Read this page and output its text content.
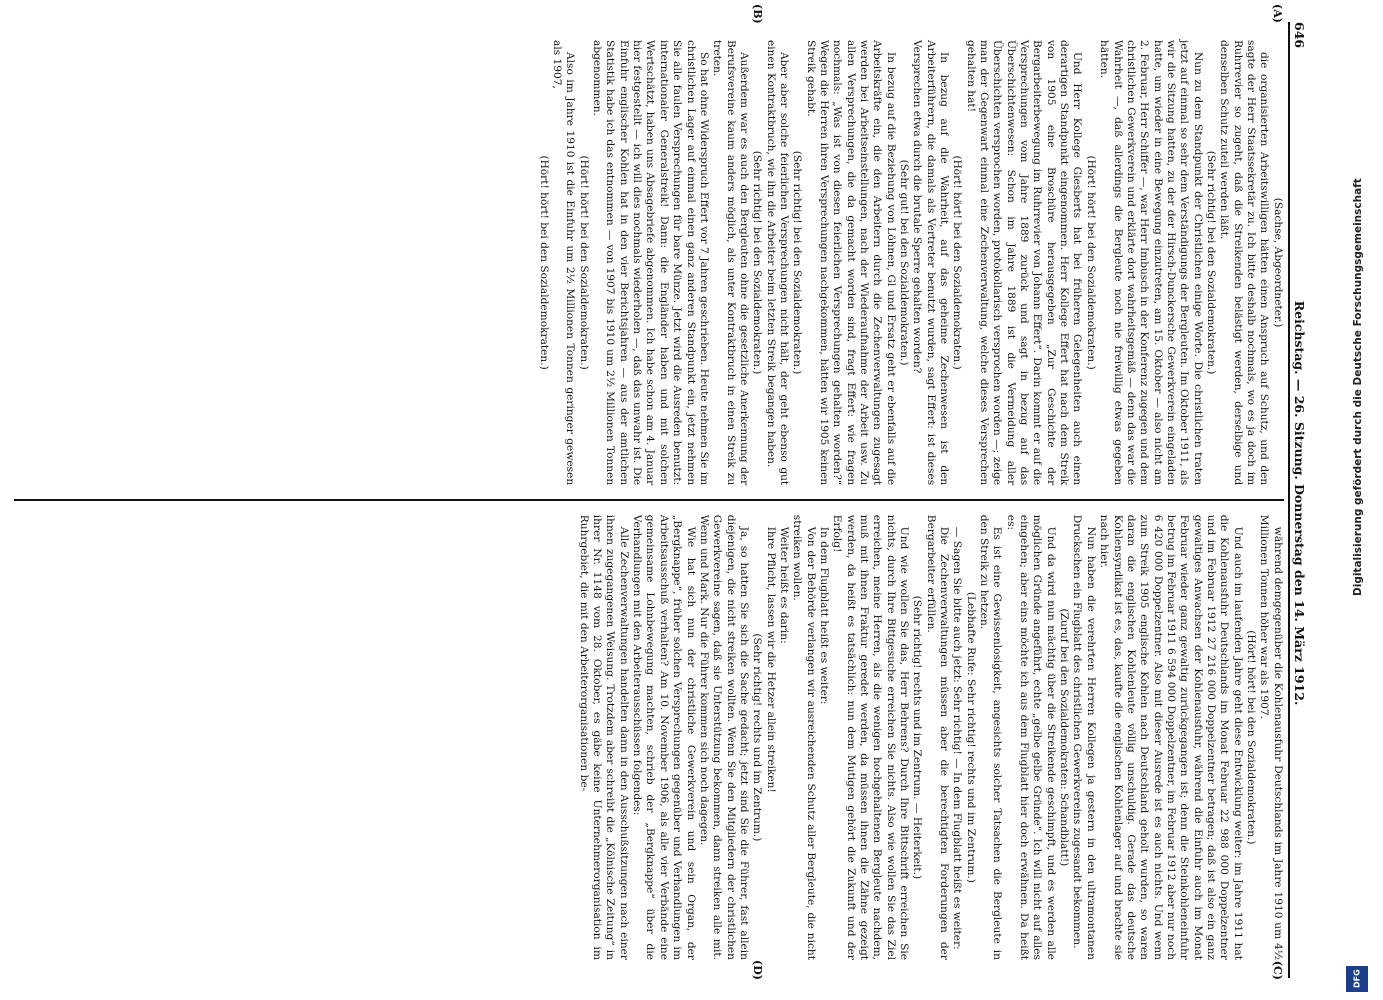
646
Reichstag. — 26. Sitzung. Donnerstag den 14. März 1912.
(A)
(B)

(Sachse, Abgeordneter.)

die organisierten Arbeitswilligen hätten einen Anspruch auf Schutz, und den sagte der Herr Staatssekretär zu. Ich bitte deshalb nochmals, wo es ja doch im Ruhrrevier so zugeht, daß die Streikenden belästigt werden, derselbige und denselben Schutz zuteil werden läßt.

(Sehr richtig! bei den Sozialdemokraten.)

Nun zu dem Standpunkt der Christlichen einige Worte. Die christlichen traten jetzt auf einmal so sehr dem Verständigungs der Bergleuten. Im Oktober 1911, als wir die Sitzung hatten, zu der der Hirsch-Dunckersche Gewerkverein eingeladen hatte, um wieder in eine Bewegung einzutreten, am 15. Oktober — also nicht am 2. Februar, Herr Schiffer —, war Herr Imbusch in der Konferenz zugegen und dem christlichen Gewerkverein und erklärte dort wahrheitsgemäß — denn das war die Wahrheit —, daß allerdings die Bergleute noch nie freiwillig etwas gegeben hätten.

(Hört! hört! bei den Sozialdemokraten.)

Und Herr Kollege Giesberts hat bei früheren Gelegenheiten auch einen derartigen Standpunkt eingenommen. Herr Kollege Effert hat nach dem Streik von 1905 eine Broschüre herausgegeben „Zur Geschichte der Bergarbeiterbewegung im Ruhrrevier von Johann Effert“. Darin kommt er auf die Versprechungen vom Jahre 1889 zurück und sagt in bezug auf das Überschichtenwesen: Schon im Jahre 1889 ist die Vermeidung aller Überschichten versprochen worden, protokollarisch versprochen worden —; zeige man der Gegenwart einmal eine Zechenverwaltung, welche dieses Versprechen gehalten hat!

(Hört! hört! bei den Sozialdemokraten.)

In bezug auf die Wahrheit, auf das geheime Zechenwesen ist den Arbeiterführern, die damals als Vertreter benutzt wurden, sagt Effert: ist dieses Versprechen etwa durch die brutale Sperre gehalten worden?

(Sehr gut! bei den Sozialdemokraten.)

In bezug auf die Beziehung von Löhnen, Gl und Ersatz geht er ebenfalls auf die Arbeitskräfte ein, die den Arbeitern durch die Zechenverwaltungen zugesagt werden bei Arbeitseinstellungen, nach der Wiederaufnahme der Arbeit usw. Zu allen Versprechungen, die da gemacht worden sind, fragt Effert: wie fragen nochmals: „Was ist von diesen feierlichen Versprechungen gehalten worden?“ Wegen die Herren ihren Versprechungen nachgekommen, hätten wir 1905 keinen Streik gehabt.

(Sehr richtig! bei den Sozialdemokraten.)

Aber aber solche feierlichen Versprechungen nicht hält, der geht ebenso gut einen Kontraktbruch, wie ihn die Arbeiter beim letzten Streik begangen haben.

(Sehr richtig! bei den Sozialdemokraten.)

Außerdem war es auch den Bergleuten ohne die gesetzliche Anerkennung der Berufsvereine kaum anders möglich, als unter Kontraktbruch in einen Streik zu treten.

So hat ohne Widerspruch Effert vor 7 Jahren geschrieben. Heute nehmen Sie im christlichen Lager auf einmal einen ganz anderen Standpunkt ein, jetzt nehmen Sie alle faulen Versprechungen für bare Münze. Jetzt wird die Ausreden benutzt: internationaler Generalstreik! Dann: die Engländer haben und mit solchen Wertschätzt, haben uns Absagebriefe abgenommen. Ich habe schon am 4. Januar hier festgestellt — ich will dies nochmals wiederholen —, daß das unwahr ist. Die Einfuhr englischer Kohlen hat in den vier Berichtsjahren — aus der amtlichen Statistik habe ich das entnommen — von 1907 bis 1910 um 2½ Millionen Tonnen abgenommen.

(Hört! hört! bei den Sozialdemokraten.)

Also im Jahre 1910 ist die Einfuhr um 2½ Millionen Tonnen geringer gewesen als 1907,

(Hört! hört! bei den Sozialdemokraten.)

(C)
(D)

während demgegenüber die Kohlenausfuhr Deutschlands im Jahre 1910 um 4½ Millionen Tonnen höher war als 1907.

(Hört! hört! bei den Sozialdemokraten.)

Und auch im laufenden Jahre geht diese Entwicklung weiter: im Jahre 1911 hat die Kohlenausfuhr Deutschlands im Monat Februar 22 988 000 Doppelzentner und im Februar 1912 27 216 000 Doppelzentner betragen; daß ist also ein ganz gewaltiges Anwachsen der Kohlenausfuhr, während die Einfuhr auch im Monat Februar wieder ganz gewaltig zurückgegangen ist; denn die Steinkohleneinfuhr betrug im Februar 1911 6 594 000 Doppelzentner, im Februar 1912 aber nur noch 6 420 000 Doppelzentner. Also mit dieser Ausrede ist es auch nichts. Und wenn zum Streik 1905 englische Kohlen nach Deutschland geholt wurden, so waren daran die englischen Kohlenleute völlig unschuldig. Gerade das deutsche Kohlensyndikat ist es, das, kaufte die englischen Kohlenlager auf und brachte sie nach hier.

Nun haben die verehrten Herren Kollegen ja gestern in den ultramontanen Druckschen ein Flugblatt des christlichen Gewerkvereins zugesandt bekommen.

(Zuruf bei den Sozialdemokraten: Schandblatt!)

Und da wird nun mächtig über die Streikende geschimpft, und es werden alle möglichen Gründe angeführt, echte „gelbe gelbe Gründe“. Ich will nicht auf alles eingehen; aber eins möchte ich aus dem Flugblatt hier doch erwähnen. Da heißt es:

Es ist eine Gewissenlosigkeit, angesichts solcher Tatsachen die Bergleute in den Streik zu hetzen.

(Lebhafte Rufe: Sehr richtig! rechts und im Zentrum.)

— Sagen Sie bitte auch jetzt: Sehr richtig! — In dem Flugblatt heißt es weiter:

Die Zechenverwaltungen müssen aber die berechtigten Forderungen der Bergarbeiter erfüllen.

(Sehr richtig! rechts und im Zentrum. — Heiterkeit.)

Und wie wollen Sie das, Herr Behrens? Durch Ihre Bittschrift erreichen Sie nichts, durch Ihre Bittgesuche erreichen Sie nichts. Also wie wollen Sie das Ziel erreichen, meine Herren, als die wenigen hochgehaltenen Bergleute nachdem, muß mit ihnen Fraktur geredet werden, da müssen ihnen die Zähne gezeigt werden, da heißt es tatsächlich: nun dem Mutigen gehört die Zukunft und der Erfolg!

In dem Flugblatt heißt es weiter:

Von der Behörde verlangen wir ausreichenden Schutz aller Bergleute, die nicht streiken wollen.

Weiter heißt es darin:

Ihre Pflicht, lassen wir die Hetzer allein streiken!

(Sehr richtig! rechts und im Zentrum.)

Ja, so hatten Sie sich die Sache gedacht; jetzt sind Sie die Führer, fast allein diejenigen, die nicht streiken wollten. Wenn Sie den Mitgliedern der christlichen Gewerkvereine sagen, daß sie Unterstützung bekommen, dann streiken alle mit. Wenn und Mark. Nur die Führer kommen sich noch dagegen.

Wie hat sich nun der christliche Gewerkverein und sein Organ, der „Bergknappe“, früher solchen Versprechungen gegenüber und Verhandlungen im Arbeitsausschuß verhalten? Am 10. November 1906, als alle vier Verbände eine gemeinsame Lohnbewegung machten, schrieb der „Bergknappe“ über die Verhandlungen mit den Arbeiterausschüssen folgendes:

Alle Zechenverwaltungen handelten dann in den Ausschußsitzungen nach einer ihnen zugegangenen Weisung. Trotzdem aber schreibt die „Kölnische Zeitung“ in ihrer Nr. 1148 vom 28. Oktober, es gäbe keine Unternehmerorganisation im Ruhrgebiet, die mit den Arbeiterorganisationen be-

Digitalisierung gefördert durch die Deutsche Forschungsgemeinschaft
DFG
